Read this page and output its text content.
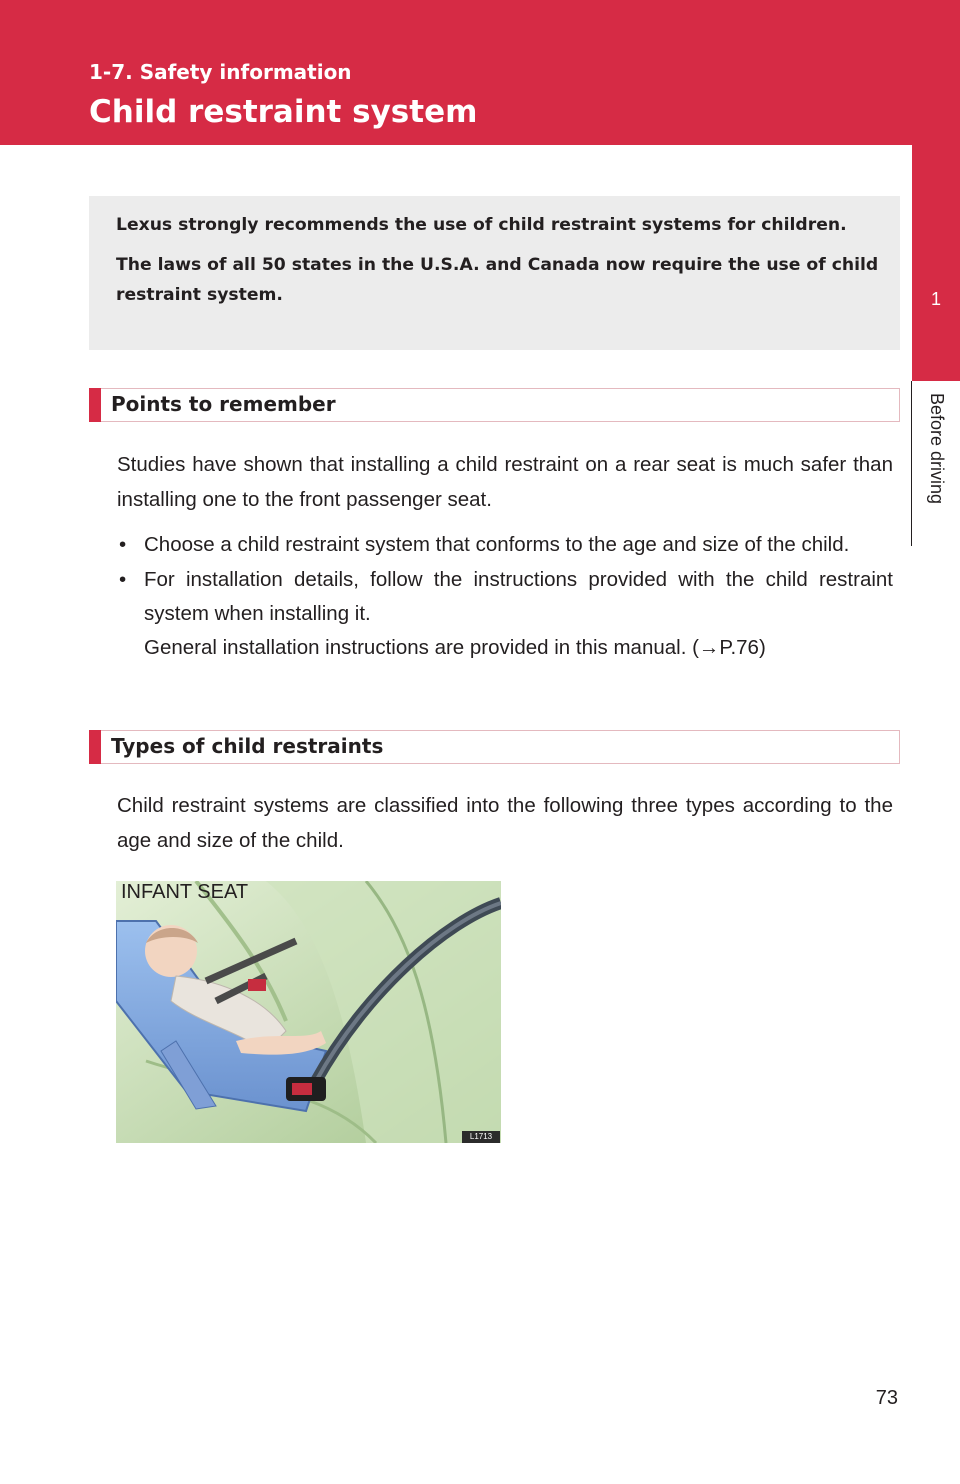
1-7. Safety information
Child restraint system
1
Before driving

Lexus strongly recommends the use of child restraint systems for children.

The laws of all 50 states in the U.S.A. and Canada now require the use of child restraint system.

Points to remember

Studies have shown that installing a child restraint on a rear seat is much safer than installing one to the front passenger seat.

• Choose a child restraint system that conforms to the age and size of the child.
• For installation details, follow the instructions provided with the child restraint system when installing it.
General installation instructions are provided in this manual. (→P.76)
Types of child restraints

Child restraint systems are classified into the following three types according to the age and size of the child.

INFANT SEAT
L1713
73
